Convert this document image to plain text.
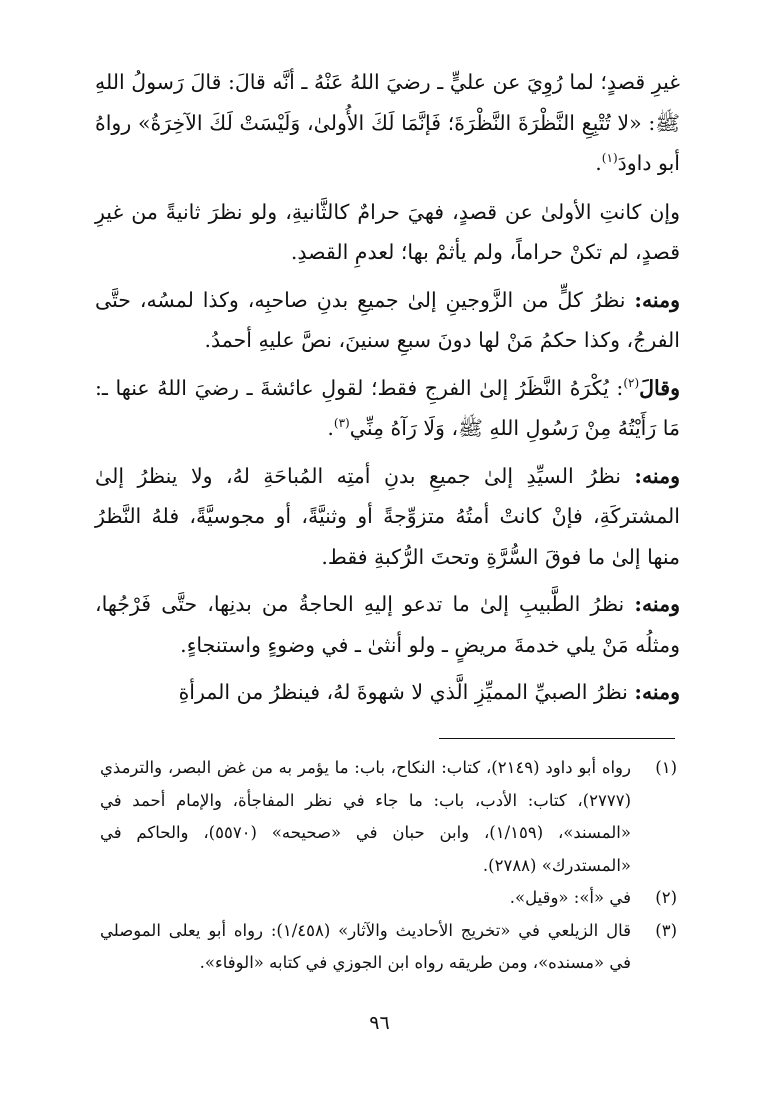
غيرِ قصدٍ؛ لما رُوِيَ عن عليٍّ ـ رضيَ اللهُ عَنْهُ ـ أنَّه قالَ: قالَ رَسولُ اللهِ ﷺ: «لا تُتْبِعِ النَّظْرَةَ النَّظْرَةَ؛ فَإنَّمَا لَكَ الأُولىٰ، وَلَيْسَتْ لَكَ الآخِرَةُ» رواهُ أبو داودَ$^{(١)}$.

وإن كانتِ الأولىٰ عن قصدٍ، فهيَ حرامٌ كالثَّانيةِ، ولو نظرَ ثانيةً من غيرِ قصدٍ، لم تكنْ حراماً، ولم يأثمْ بها؛ لعدمِ القصدِ.

ومنه: نظرُ كلٍّ من الزَّوجينِ إلىٰ جميعِ بدنِ صاحبِه، وكذا لمسُه، حتَّى الفرجُ، وكذا حكمُ مَنْ لها دونَ سبعِ سنينَ، نصَّ عليهِ أحمدُ.

وقالَ$^{(٢)}$: يُكْرَهُ النَّظَرُ إلىٰ الفرجِ فقط؛ لقولِ عائشةَ ـ رضيَ اللهُ عنها ـ: مَا رَأَيْتُهُ مِنْ رَسُولِ اللهِ ﷺ، وَلَا رَآهُ مِنِّي$^{(٣)}$.

ومنه: نظرُ السيِّدِ إلىٰ جميعِ بدنِ أمتِه المُباحَةِ لهُ، ولا ينظرُ إلىٰ المشتركَةِ، فإنْ كانتْ أمتُهُ متزوِّجةً أو وثنيَّةً، أو مجوسيَّةً، فلهُ النَّظرُ منها إلىٰ ما فوقَ السُّرَّةِ وتحتَ الرُّكبةِ فقط.

ومنه: نظرُ الطَّبيبِ إلىٰ ما تدعو إليهِ الحاجةُ من بدنِها، حتَّى فَرْجُها، ومثلُه مَنْ يلي خدمةَ مريضٍ ـ ولو أنثىٰ ـ في وضوءٍ واستنجاءٍ.

ومنه: نظرُ الصبيِّ المميِّزِ الَّذي لا شهوةَ لهُ، فينظرُ من المرأةِ

(١)
رواه أبو داود (٢١٤٩)، كتاب: النكاح، باب: ما يؤمر به من غض البصر، والترمذي (٢٧٧٧)، كتاب: الأدب، باب: ما جاء في نظر المفاجأة، والإمام أحمد في «المسند»، (١/١٥٩)، وابن حبان في «صحيحه» (٥٥٧٠)، والحاكم في «المستدرك» (٢٧٨٨).
(٢)
في «أ»: «وقيل».
(٣)
قال الزيلعي في «تخريج الأحاديث والآثار» (١/٤٥٨): رواه أبو يعلى الموصلي في «مسنده»، ومن طريقه رواه ابن الجوزي في كتابه «الوفاء».
٩٦
